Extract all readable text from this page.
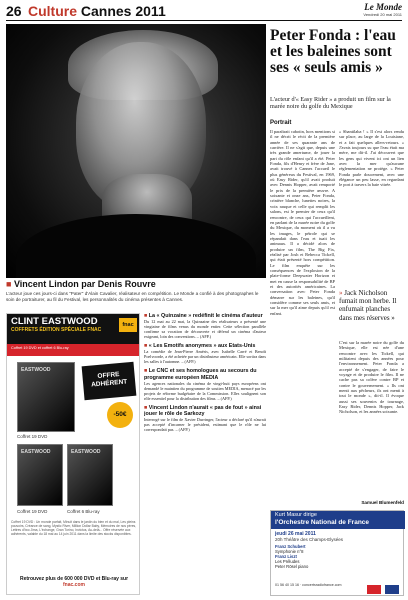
26 Culture Cannes 2011	Le Monde
Vendredi 20 mai 2011
■ Vincent Lindon par Denis Rouvre
L'acteur joue ces jours-ci dans "Pater" d'Alain Cavalier, réalisateur en compétition. Le Monde a confié à des photographes le soin de portraiturer, au fil du Festival, les personnalités du cinéma présentes à Cannes.
Peter Fonda : l'eau et les baleines sont ses « seuls amis »

L'acteur d'« Easy Rider » a produit un film sur la marée noire du golfe du Mexique

Portrait
Il paraîtrait cabotin, hors mentions si il ne décrit le récit de la première année de ses quarante ans de carrière. Il ne s'agit que, depuis une très grande amertume, de jouer la part du rôle enfant qu'il a été. Peter Fonda, fils d'Henry et frère de Jane, avait trouvé à Cannes l'accueil le plus généreux du Festival, en 1969, où Easy Rider, qu'il avait produit avec Dennis Hopper, avait remporté le prix de la première œuvre. A soixante et onze ans, Peter Fonda, crinière blanche, lunettes noires, la voix rauque et celle qui remplit les salons, est le premier de ceux qu'il rencontre, de ceux qui l'accueillent, en parlant de la marée noire du golfe du Mexique, du moment où il a vu les images, le pétrole qui se répandait dans l'eau et tuait les animaux. Il a décidé alors de produire un film, The Big Fix, réalisé par Josh et Rebecca Tickell, qui était présenté hors compétition. Le film enquête sur les conséquences de l'explosion de la plate-forme Deepwater Horizon et met en cause la responsabilité de BP et des autorités américaines. La conversation avec Peter Fonda démarre sur les baleines, qu'il considère comme ses seuls amis, et sur la mer qu'il aime depuis qu'il est enfant.
« Shantilaba ! » Il s'est alors rendu sur place, au large de la Louisiane, et a fait quelques allers-retours. « J'avais toujours su que l'eau était ma mère, me dit-il. J'ai découvert que les gens qui vivent ici ont un lien avec la mer qu'aucune réglementation ne protège. » Peter Fonda parle doucement, avec une élégance un peu lasse, en regardant le port à travers la baie vitrée.
» Jack Nicholson fumait mon herbe. Il enfumait planches dans mes réserves »
C'est sur la marée noire du golfe du Mexique, elle est née d'une rencontre avec les Tickell, qui militaient depuis des années pour l'environnement. Peter Fonda a accepté de s'engager, de faire le voyage et de produire le film. Il ne cache pas sa colère contre BP et contre le gouvernement. « Ils ont menti aux pêcheurs, ils ont menti à tout le monde », dit-il. Il évoque aussi ses souvenirs de tournage, Easy Rider, Dennis Hopper, Jack Nicholson, et les années soixante.
Samuel Blumenfeld
CLINT EASTWOOD
COFFRETS ÉDITION SPÉCIALE FNAC
fnac
Coffret 19 DVD et coffret 6 Blu-ray
EASTWOOD
OFFRE ADHÉRENT
-50€
EASTWOOD	EASTWOOD
Coffret 19 DVD
Coffret 19 DVD	Coffret 6 Blu-ray
Coffret 19 DVD : Un monde parfait, Minuit dans le jardin du bien et du mal, Les pleins pouvoirs, Créance de sang, Mystic River, Million Dollar Baby, Mémoires de nos pères, Lettres d'Iwo Jima, L'échange, Gran Torino, Invictus, Au-delà... Offre réservée aux adhérents, valable du 18 mai au 14 juin 2011 dans la limite des stocks disponibles.
Retrouvez plus de 600 000 DVD et Blu-ray sur fnac.com
■ La « Quinzaine » redéfinit le cinéma d'auteur
Du 12 mai au 22 mai, la Quinzaine des réalisateurs a présenté une vingtaine de films venus du monde entier. Cette sélection parallèle confirme sa vocation de découverte et défend un cinéma d'auteur exigeant, loin des conventions. – (AFP.)
■ « Les Emotifs anonymes » aux Etats-Unis
La comédie de Jean-Pierre Améris, avec Isabelle Carré et Benoît Poelvoorde, a été achetée par un distributeur américain. Elle sortira dans les salles à l'automne. – (AFP.)
■ Le CNC et ses homologues au secours du programme européen MEDIA
Les agences nationales du cinéma de vingt-huit pays européens ont demandé le maintien du programme de soutien MEDIA, menacé par les projets de réforme budgétaire de la Commission. Elles soulignent son rôle essentiel pour la distribution des films. – (AFP.)
■ Vincent Lindon n'aurait « pas de fout » ainsi jouer le rôle de Sarkozy
Interrogé sur le film de Xavier Durringer, l'acteur a déclaré qu'il n'aurait pas accepté d'incarner le président, estimant que le rôle ne lui correspondait pas. – (AFP.)
Kurt Masur dirige
l'Orchestre National de France
jeudi 26 mai 2011
20h Théâtre des Champs-Elysées
Franz Schubert
Symphonie n°8
Franz Liszt
Les Préludes
Peter Rösel piano
01 56 40 15 16 · concertsradiofrance.com
